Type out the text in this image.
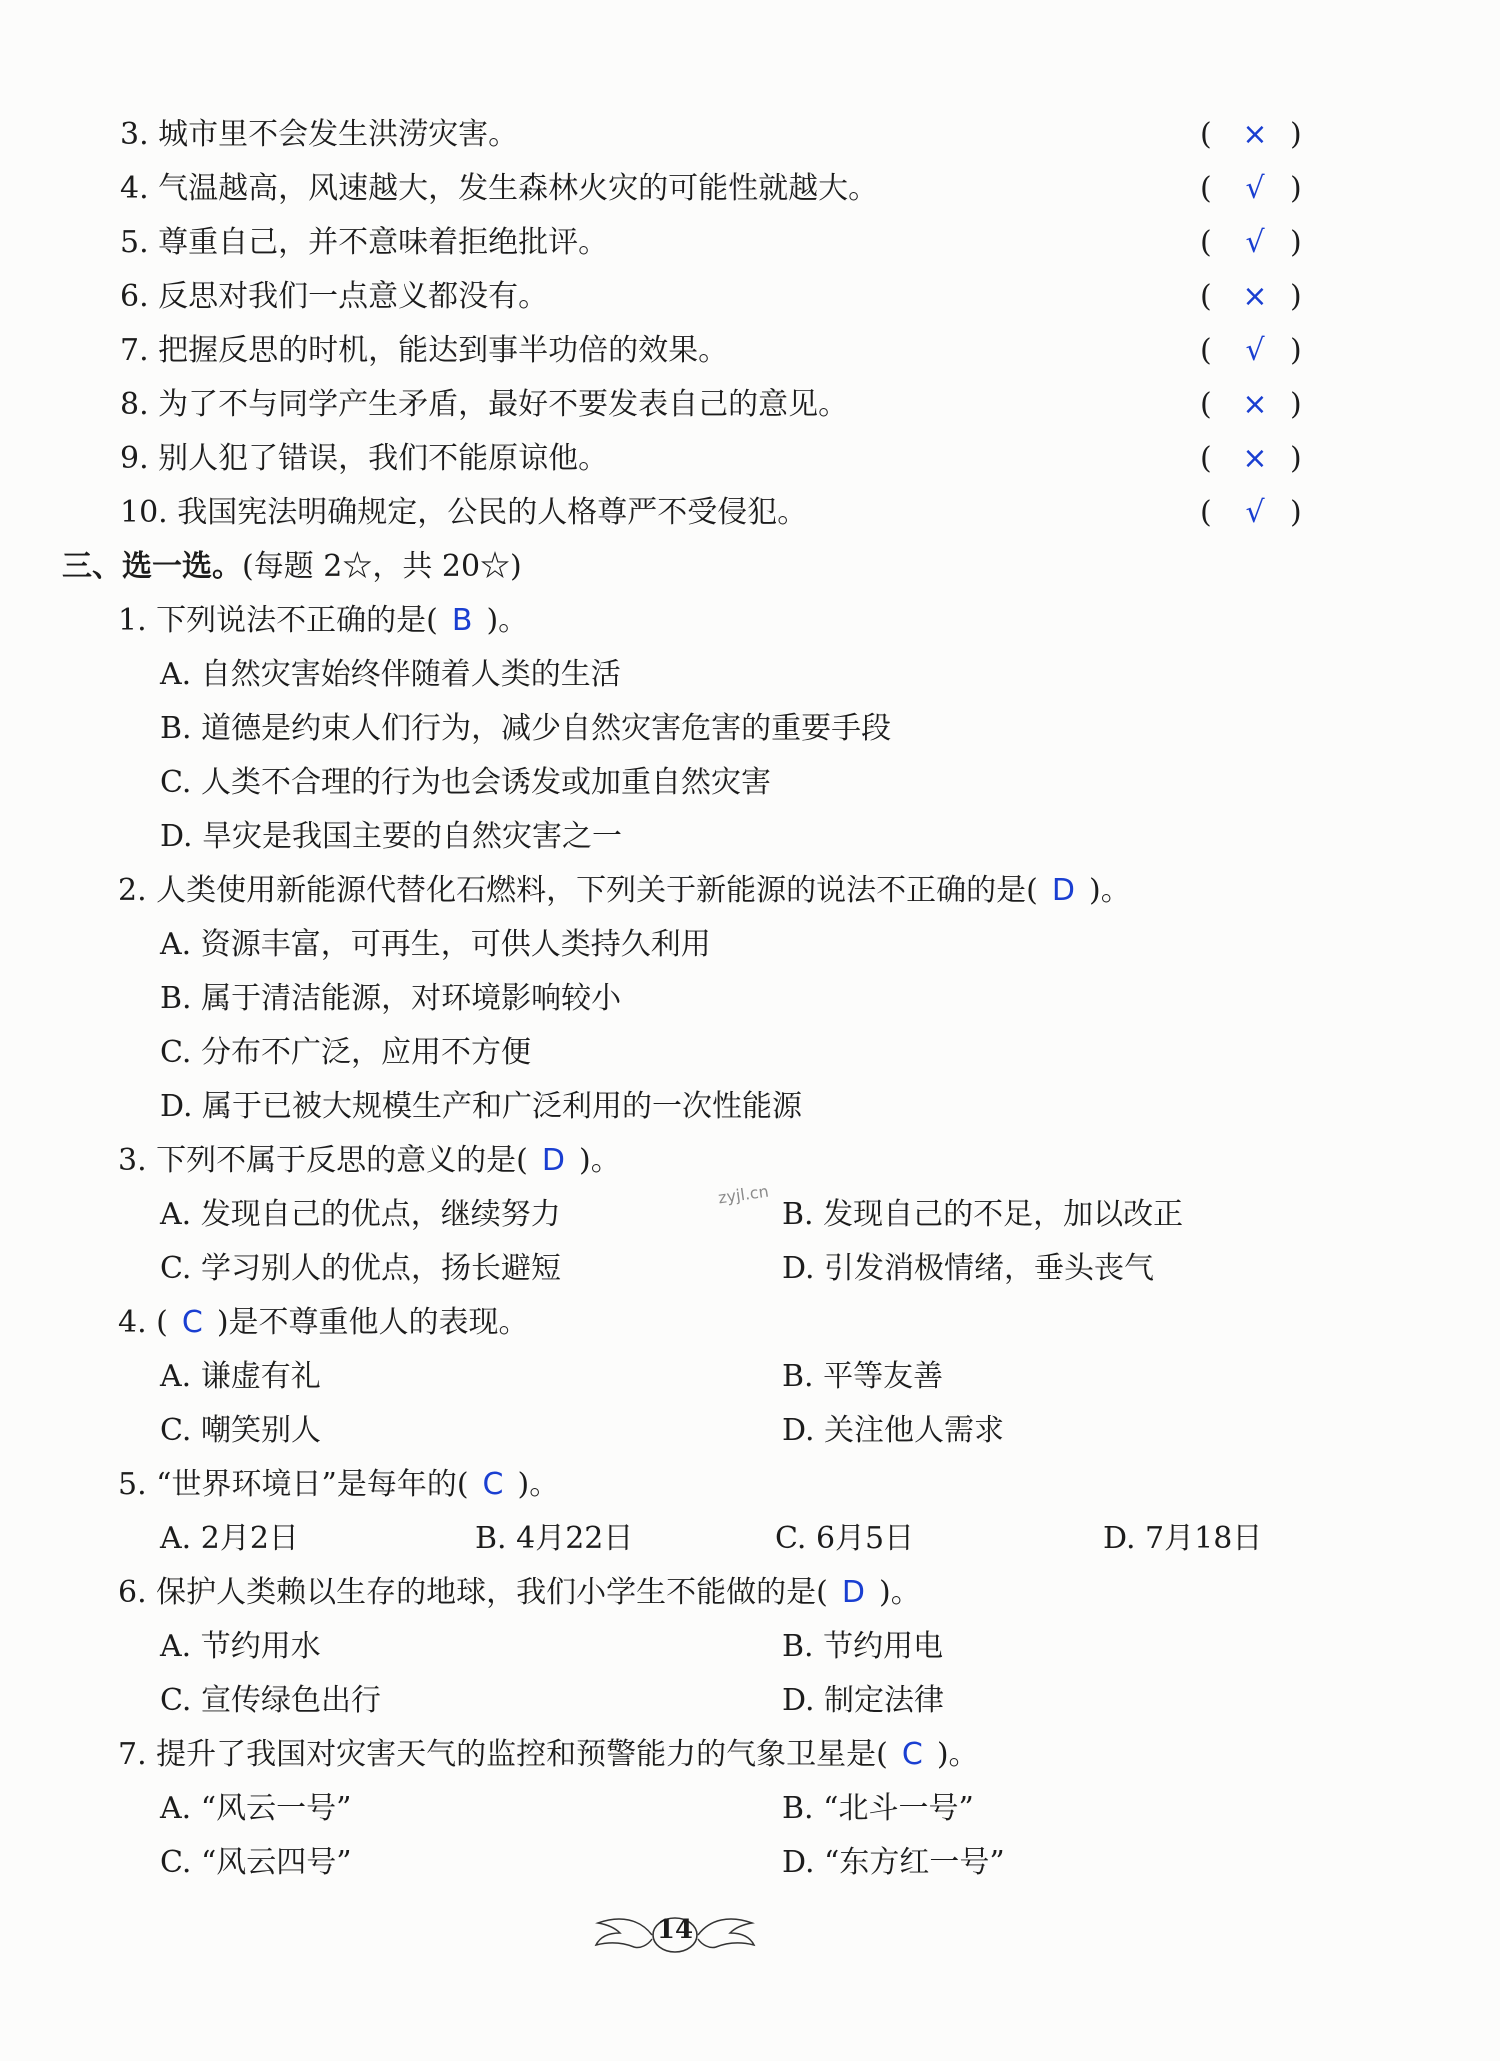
3. 城市里不会发生洪涝灾害。	( × )
4. 气温越高，风速越大，发生森林火灾的可能性就越大。	( √ )
5. 尊重自己，并不意味着拒绝批评。	( √ )
6. 反思对我们一点意义都没有。	( × )
7. 把握反思的时机，能达到事半功倍的效果。	( √ )
8. 为了不与同学产生矛盾，最好不要发表自己的意见。	( × )
9. 别人犯了错误，我们不能原谅他。	( × )
10. 我国宪法明确规定，公民的人格尊严不受侵犯。	( √ )
三、选一选。(每题 2☆，共 20☆)
1. 下列说法不正确的是( B )。
A. 自然灾害始终伴随着人类的生活
B. 道德是约束人们行为，减少自然灾害危害的重要手段
C. 人类不合理的行为也会诱发或加重自然灾害
D. 旱灾是我国主要的自然灾害之一
2. 人类使用新能源代替化石燃料，下列关于新能源的说法不正确的是( D )。
A. 资源丰富，可再生，可供人类持久利用
B. 属于清洁能源，对环境影响较小
C. 分布不广泛，应用不方便
D. 属于已被大规模生产和广泛利用的一次性能源
3. 下列不属于反思的意义的是( D )。
A. 发现自己的优点，继续努力	B. 发现自己的不足，加以改正
C. 学习别人的优点，扬长避短	D. 引发消极情绪，垂头丧气
4. ( C )是不尊重他人的表现。
A. 谦虚有礼	B. 平等友善
C. 嘲笑别人	D. 关注他人需求
5. “世界环境日”是每年的( C )。
A. 2月2日	B. 4月22日	C. 6月5日	D. 7月18日
6. 保护人类赖以生存的地球，我们小学生不能做的是( D )。
A. 节约用水	B. 节约用电
C. 宣传绿色出行	D. 制定法律
7. 提升了我国对灾害天气的监控和预警能力的气象卫星是( C )。
A. “风云一号”	B. “北斗一号”
C. “风云四号”	D. “东方红一号”
zyjl.cn
14
